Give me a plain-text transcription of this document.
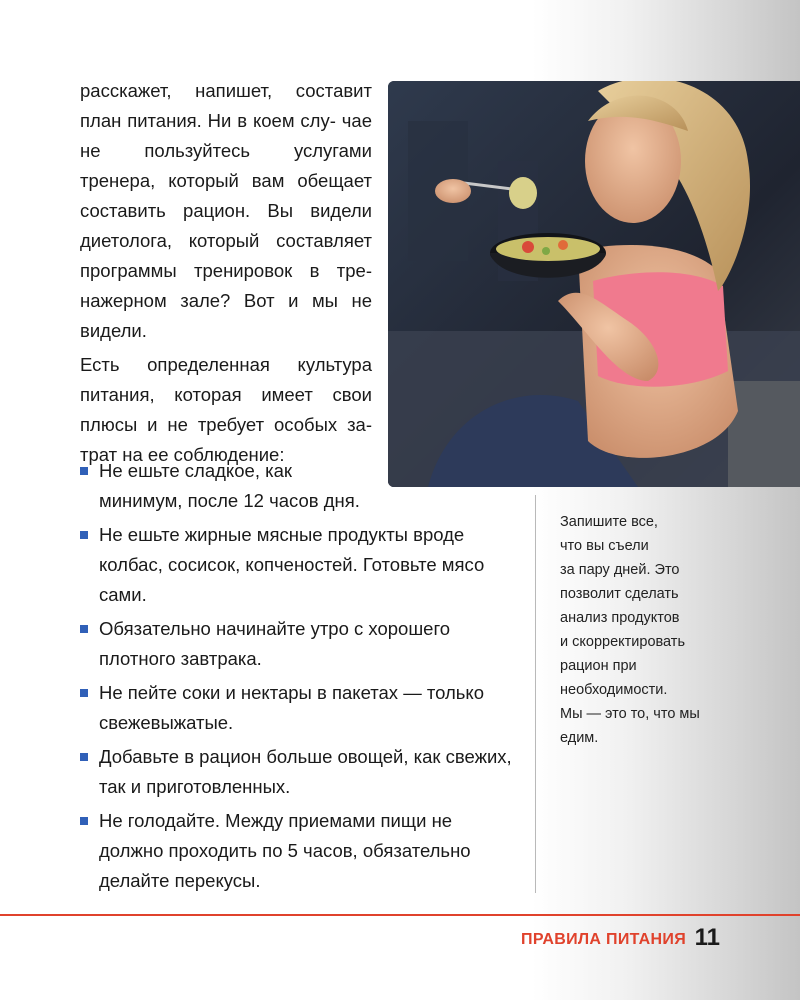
расскажет, напишет, составит план питания. Ни в коем слу- чае не пользуйтесь услугами тренера, который вам обещает составить рацион. Вы видели диетолога, который составляет программы тренировок в тре- нажерном зале? Вот и мы не видели.

Есть определенная культура питания, которая имеет свои плюсы и не требует особых за- трат на ее соблюдение:

Не ешьте сладкое, как минимум, после 12 часов дня.
Не ешьте жирные мясные продукты вроде колбас, сосисок, копченостей. Готовьте мясо сами.
Обязательно начинайте утро с хорошего плотного завтрака.
Не пейте соки и нектары в пакетах — только свежевыжатые.
Добавьте в рацион больше овощей, как свежих, так и приготовленных.
Не голодайте. Между приемами пищи не должно проходить по 5 часов, обязательно делайте перекусы.
Запишите все,
что вы съели
за пару дней. Это
позволит сделать
анализ продуктов
и скорректировать
рацион при
необходимости.
Мы — это то, что мы
едим.
ПРАВИЛА ПИТАНИЯ 11
